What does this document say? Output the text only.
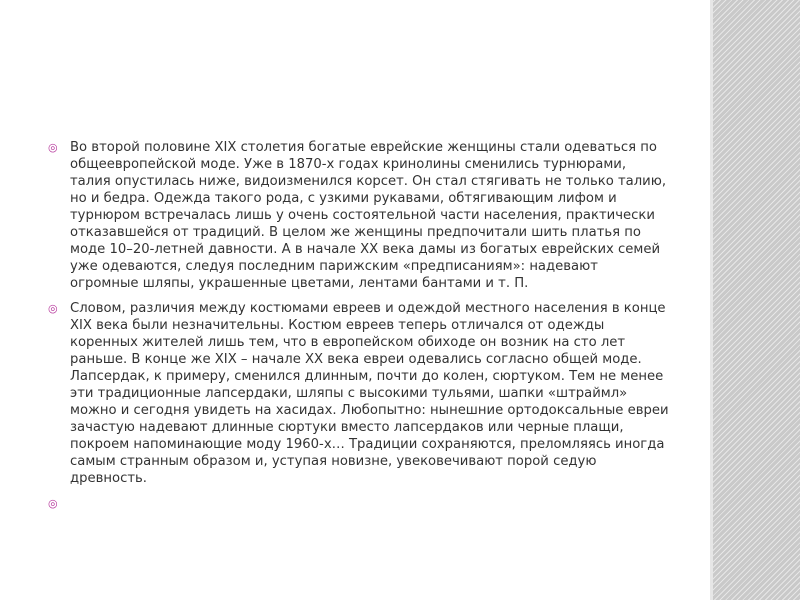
◎ Во второй половине XIX столетия богатые еврейские женщины стали одеваться по общеевропейской моде. Уже в 1870-х годах кринолины сменились турнюрами, талия опустилась ниже, видоизменился корсет. Он стал стягивать не только талию, но и бедра. Одежда такого рода, с узкими рукавами, обтягивающим лифом и турнюром встречалась лишь у очень состоятельной части населения, практически отказавшейся от традиций. В целом же женщины предпочитали шить платья по моде 10–20-летней давности. А в начале ХХ века дамы из богатых еврейских семей уже одеваются, следуя последним парижским «предписаниям»: надевают огромные шляпы, украшенные цветами, лентами бантами и т. П.
◎ Словом, различия между костюмами евреев и одеждой местного населения в конце XIX века были незначительны. Костюм евреев теперь отличался от одежды коренных жителей лишь тем, что в европейском обиходе он возник на сто лет раньше. В конце же XIX – начале ХХ века евреи одевались согласно общей моде. Лапсердак, к примеру, сменился длинным, почти до колен, сюртуком. Тем не менее эти традиционные лапсердаки, шляпы с высокими тульями, шапки «штраймл» можно и сегодня увидеть на хасидах. Любопытно: нынешние ортодоксальные евреи зачастую надевают длинные сюртуки вместо лапсердаков или черные плащи, покроем напоминающие моду 1960-х… Традиции сохраняются, преломляясь иногда самым странным образом и, уступая новизне, увековечивают порой седую древность.
◎
